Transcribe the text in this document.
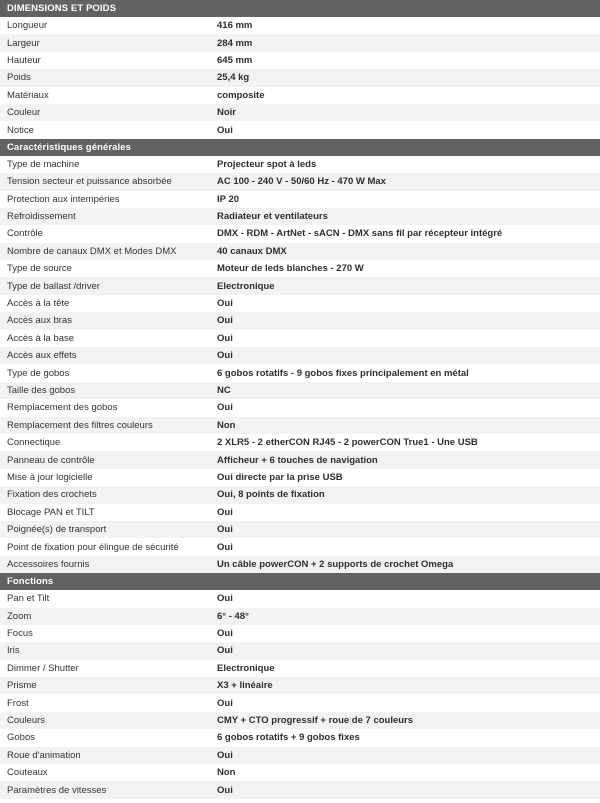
DIMENSIONS ET POIDS
Longueur	416 mm
Largeur	284 mm
Hauteur	645 mm
Poids	25,4 kg
Matériaux	composite
Couleur	Noir
Notice	Oui
Caractéristiques générales
Type de machine	Projecteur spot à leds
Tension secteur et puissance absorbée	AC 100 - 240 V - 50/60 Hz - 470 W Max
Protection aux intempéries	IP 20
Refroidissement	Radiateur et ventilateurs
Contrôle	DMX - RDM - ArtNet - sACN - DMX sans fil par récepteur intégré
Nombre de canaux DMX et Modes DMX	40 canaux DMX
Type de source	Moteur de leds blanches - 270 W
Type de ballast /driver	Electronique
Accès à la tête	Oui
Accès aux bras	Oui
Accès à la base	Oui
Accès aux effets	Oui
Type de gobos	6 gobos rotatifs - 9 gobos fixes principalement en métal
Taille des gobos	NC
Remplacement des gobos	Oui
Remplacement des filtres couleurs	Non
Connectique	2 XLR5 - 2 etherCON RJ45 - 2 powerCON True1 - Une USB
Panneau de contrôle	Afficheur + 6 touches de navigation
Mise à jour logicielle	Oui directe par la prise USB
Fixation des crochets	Oui, 8 points de fixation
Blocage PAN et TILT	Oui
Poignée(s) de transport	Oui
Point de fixation pour élingue de sécurité	Oui
Accessoires fournis	Un câble powerCON + 2 supports de crochet Omega
Fonctions
Pan et Tilt	Oui
Zoom	6° - 48°
Focus	Oui
Iris	Oui
Dimmer / Shutter	Electronique
Prisme	X3 + linéaire
Frost	Oui
Couleurs	CMY + CTO progressif + roue de 7 couleurs
Gobos	6 gobos rotatifs + 9 gobos fixes
Roue d'animation	Oui
Couteaux	Non
Paramètres de vitesses	Oui
